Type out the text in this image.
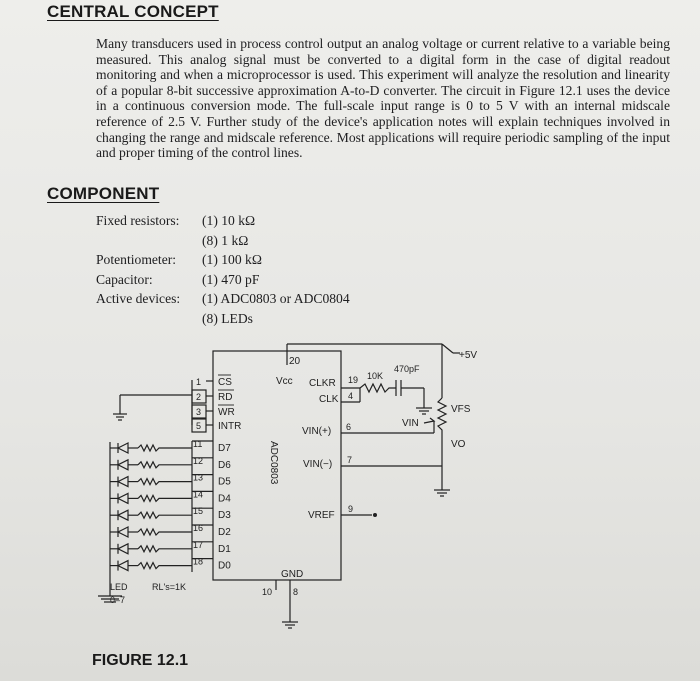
CENTRAL CONCEPT
Many transducers used in process control output an analog voltage or current relative to a variable being measured. This analog signal must be converted to a digital form in the case of digital readout monitoring and when a microprocessor is used. This experiment will analyze the resolution and linearity of a popular 8-bit successive approximation A-to-D converter. The circuit in Figure 12.1 uses the device in a continuous conversion mode. The full-scale input range is 0 to 5 V with an internal midscale reference of 2.5 V. Further study of the device's application notes will explain techniques involved in changing the range and midscale reference. Most applications will require periodic sampling of the input and proper timing of the control lines.
COMPONENT
Fixed resistors: (1) 10 kΩ
(8) 1 kΩ
Potentiometer: (1) 100 kΩ
Capacitor:	(1) 470 pF
Active devices: (1) ADC0803 or ADC0804
(8) LEDs
ADC0803
20
Vcc CLKR
CLK
VIN(+)
VIN(−)
VREF
GND
19
4
6
7
9
10K
470pF
+5V
VFS
VIN
VO
10 8
1 CS
2 RD
3 WR
5 INTR
11 D7
12 D6
13 D5
14 D4
15 D3
16 D2
17 D1
18 D0
LED
0–7
RL's=1K
FIGURE 12.1
